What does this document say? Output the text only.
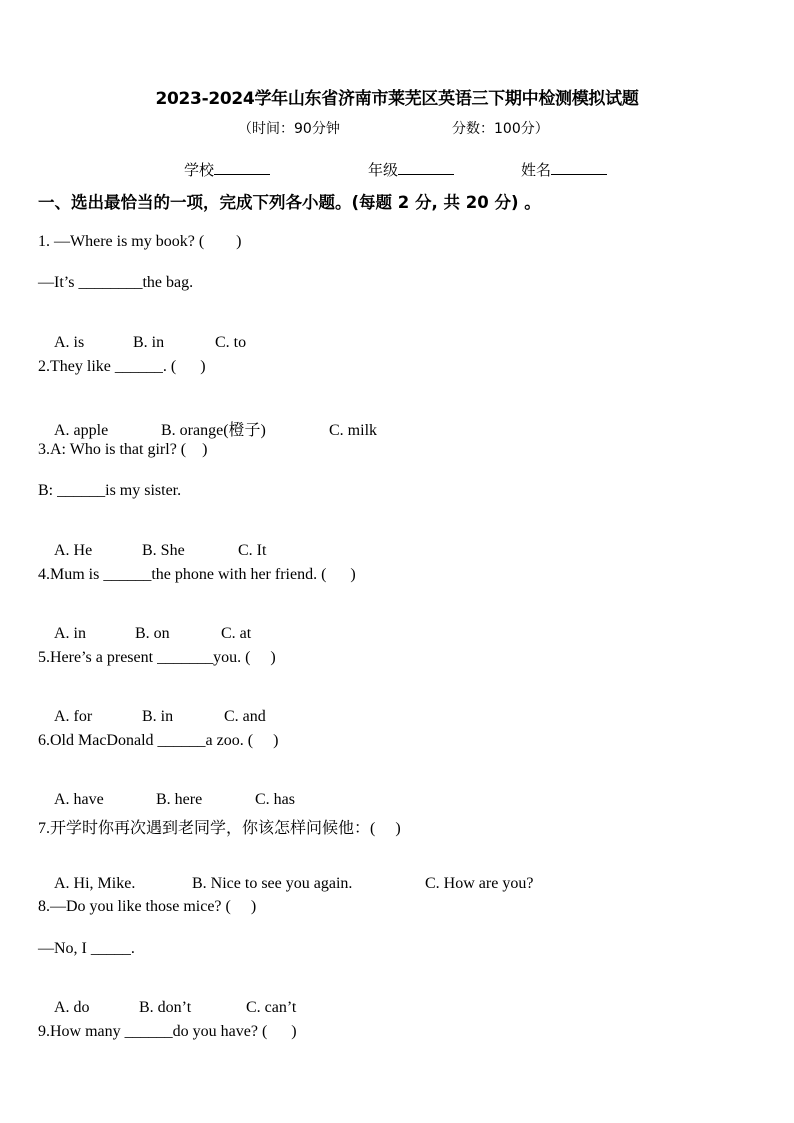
2023-2024学年山东省济南市莱芜区英语三下期中检测模拟试题
（时间：90分钟	分数：100分）
学校	年级	姓名
一、选出最恰当的一项，完成下列各小题。(每题 2 分, 共 20 分) 。
1. —Where is my book? (        )
—It’s ________the bag.

A. is	B. in	C. to

2.They like ______. (      )

A. apple	B. orange(橙子)	C. milk

3.A: Who is that girl? (    )
B: ______is my sister.

A. He	B. She	C. It

4.Mum is ______the phone with her friend. (      )

A. in	B. on	C. at

5.Here’s a present _______you. (     )

A. for	B. in	C. and

6.Old MacDonald ______a zoo. (     )

A. have	B. here	C. has

7.开学时你再次遇到老同学，你该怎样问候他：(     )

A. Hi, Mike.	B. Nice to see you again.	C. How are you?

8.—Do you like those mice? (     )
—No, I _____.

A. do	B. don’t	C. can’t

9.How many ______do you have? (      )
